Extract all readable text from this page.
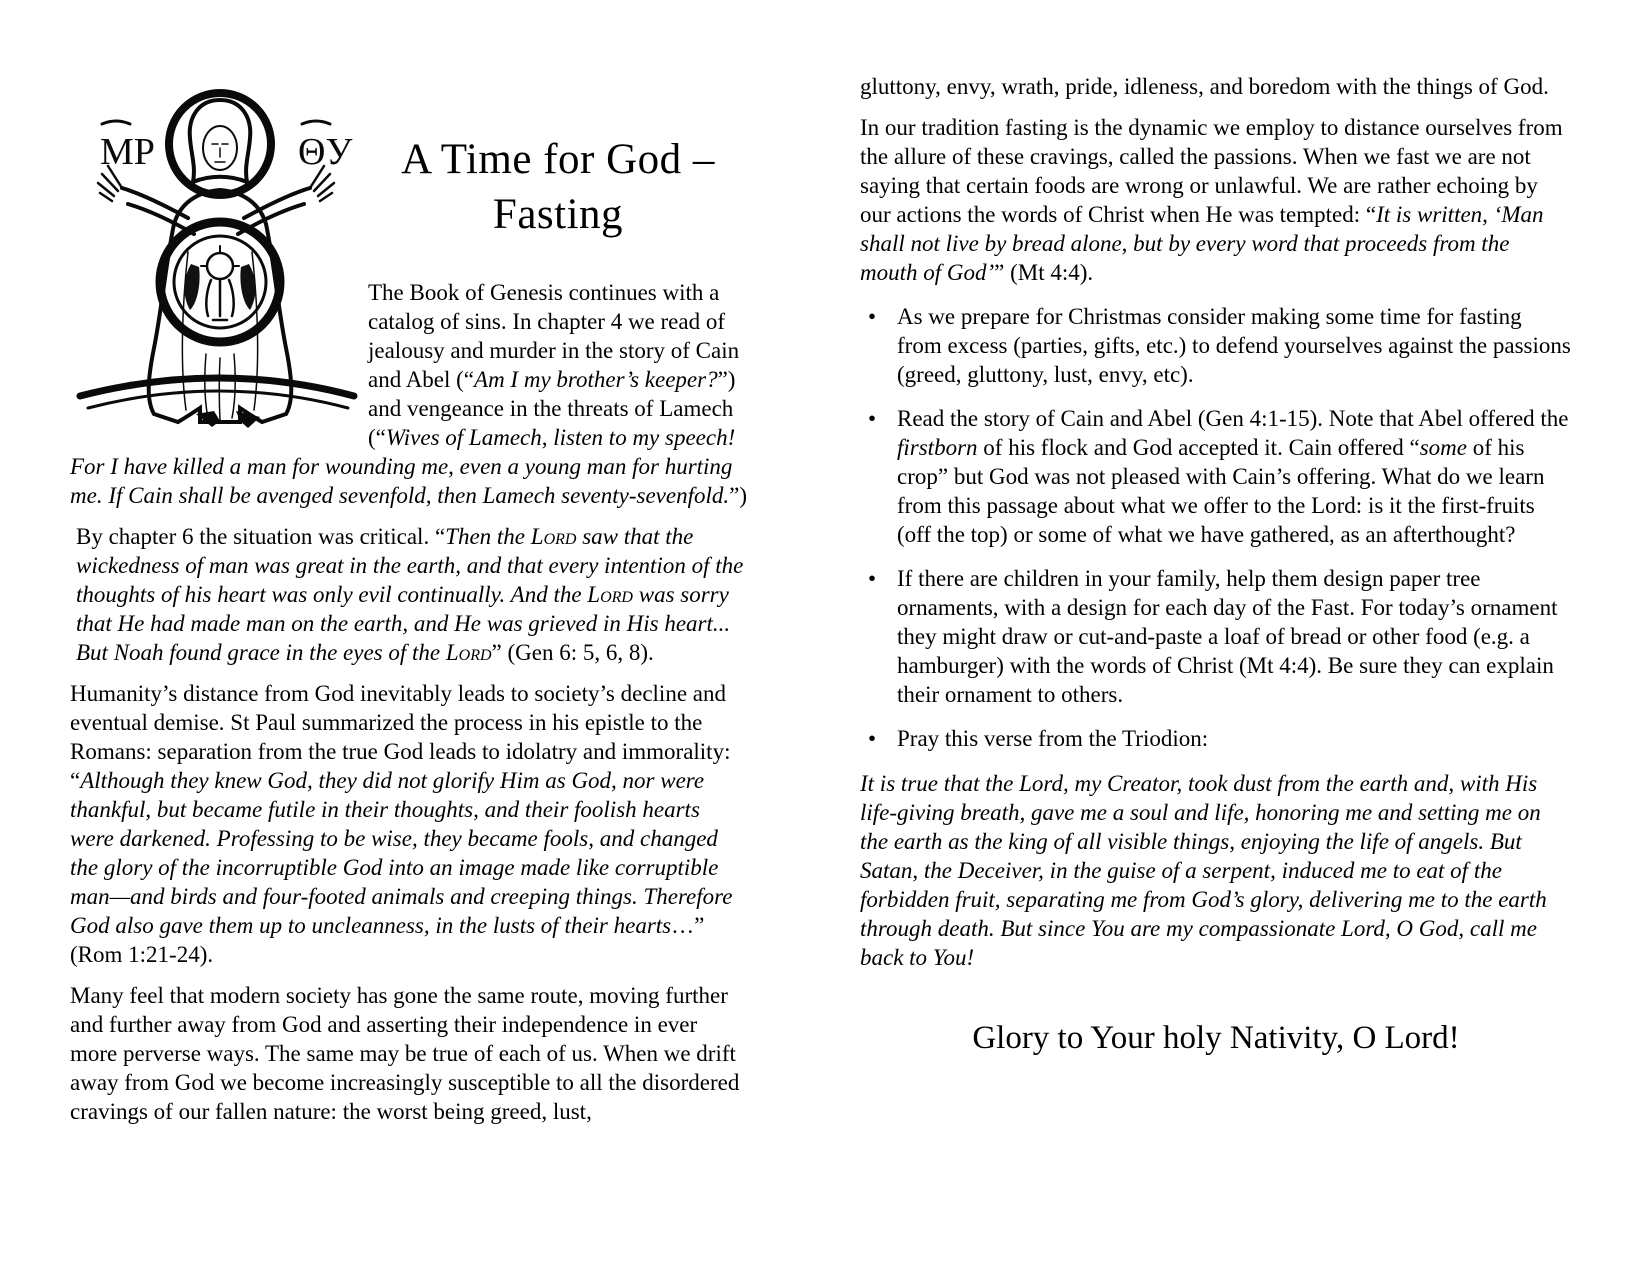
МР	ΘУ	A Time for God –
Fasting

The Book of Genesis continues with a catalog of sins. In chapter 4 we read of jealousy and murder in the story of Cain and Abel (“Am I my brother’s keeper?”) and vengeance in the threats of Lamech (“Wives of Lamech, listen to my speech! For I have killed a man for wounding me, even a young man for hurting me. If Cain shall be avenged sevenfold, then Lamech seventy-sevenfold.”)

By chapter 6 the situation was critical. “Then the Lord saw that the wickedness of man was great in the earth, and that every intention of the thoughts of his heart was only evil continually. And the Lord was sorry that He had made man on the earth, and He was grieved in His heart... But Noah found grace in the eyes of the Lord” (Gen 6: 5, 6, 8).

Humanity’s distance from God inevitably leads to society’s decline and eventual demise. St Paul summarized the process in his epistle to the Romans: separation from the true God leads to idolatry and immorality: “Although they knew God, they did not glorify Him as God, nor were thankful, but became futile in their thoughts, and their foolish hearts were darkened. Professing to be wise, they became fools, and changed the glory of the incorruptible God into an image made like corruptible man—and birds and four-footed animals and creeping things. Therefore God also gave them up to uncleanness, in the lusts of their hearts…” (Rom 1:21-24).

Many feel that modern society has gone the same route, moving further and further away from God and asserting their independence in ever more perverse ways. The same may be true of each of us. When we drift away from God we become increasingly susceptible to all the disordered cravings of our fallen nature: the worst being greed, lust,

gluttony, envy, wrath, pride, idleness, and boredom with the things of God.

In our tradition fasting is the dynamic we employ to distance ourselves from the allure of these cravings, called the passions. When we fast we are not saying that certain foods are wrong or unlawful. We are rather echoing by our actions the words of Christ when He was tempted: “It is written, ‘Man shall not live by bread alone, but by every word that proceeds from the mouth of God’” (Mt 4:4).

• As we prepare for Christmas consider making some time for fasting from excess (parties, gifts, etc.) to defend yourselves against the passions (greed, gluttony, lust, envy, etc).
• Read the story of Cain and Abel (Gen 4:1-15). Note that Abel offered the firstborn of his flock and God accepted it. Cain offered “some of his crop” but God was not pleased with Cain’s offering. What do we learn from this passage about what we offer to the Lord: is it the first-fruits (off the top) or some of what we have gathered, as an afterthought?
• If there are children in your family, help them design paper tree ornaments, with a design for each day of the Fast. For today’s ornament they might draw or cut-and-paste a loaf of bread or other food (e.g. a hamburger) with the words of Christ (Mt 4:4). Be sure they can explain their ornament to others.
• Pray this verse from the Triodion:

It is true that the Lord, my Creator, took dust from the earth and, with His life-giving breath, gave me a soul and life, honoring me and setting me on the earth as the king of all visible things, enjoying the life of angels. But Satan, the Deceiver, in the guise of a serpent, induced me to eat of the forbidden fruit, separating me from God’s glory, delivering me to the earth through death. But since You are my compassionate Lord, O God, call me back to You!

Glory to Your holy Nativity, O Lord!
